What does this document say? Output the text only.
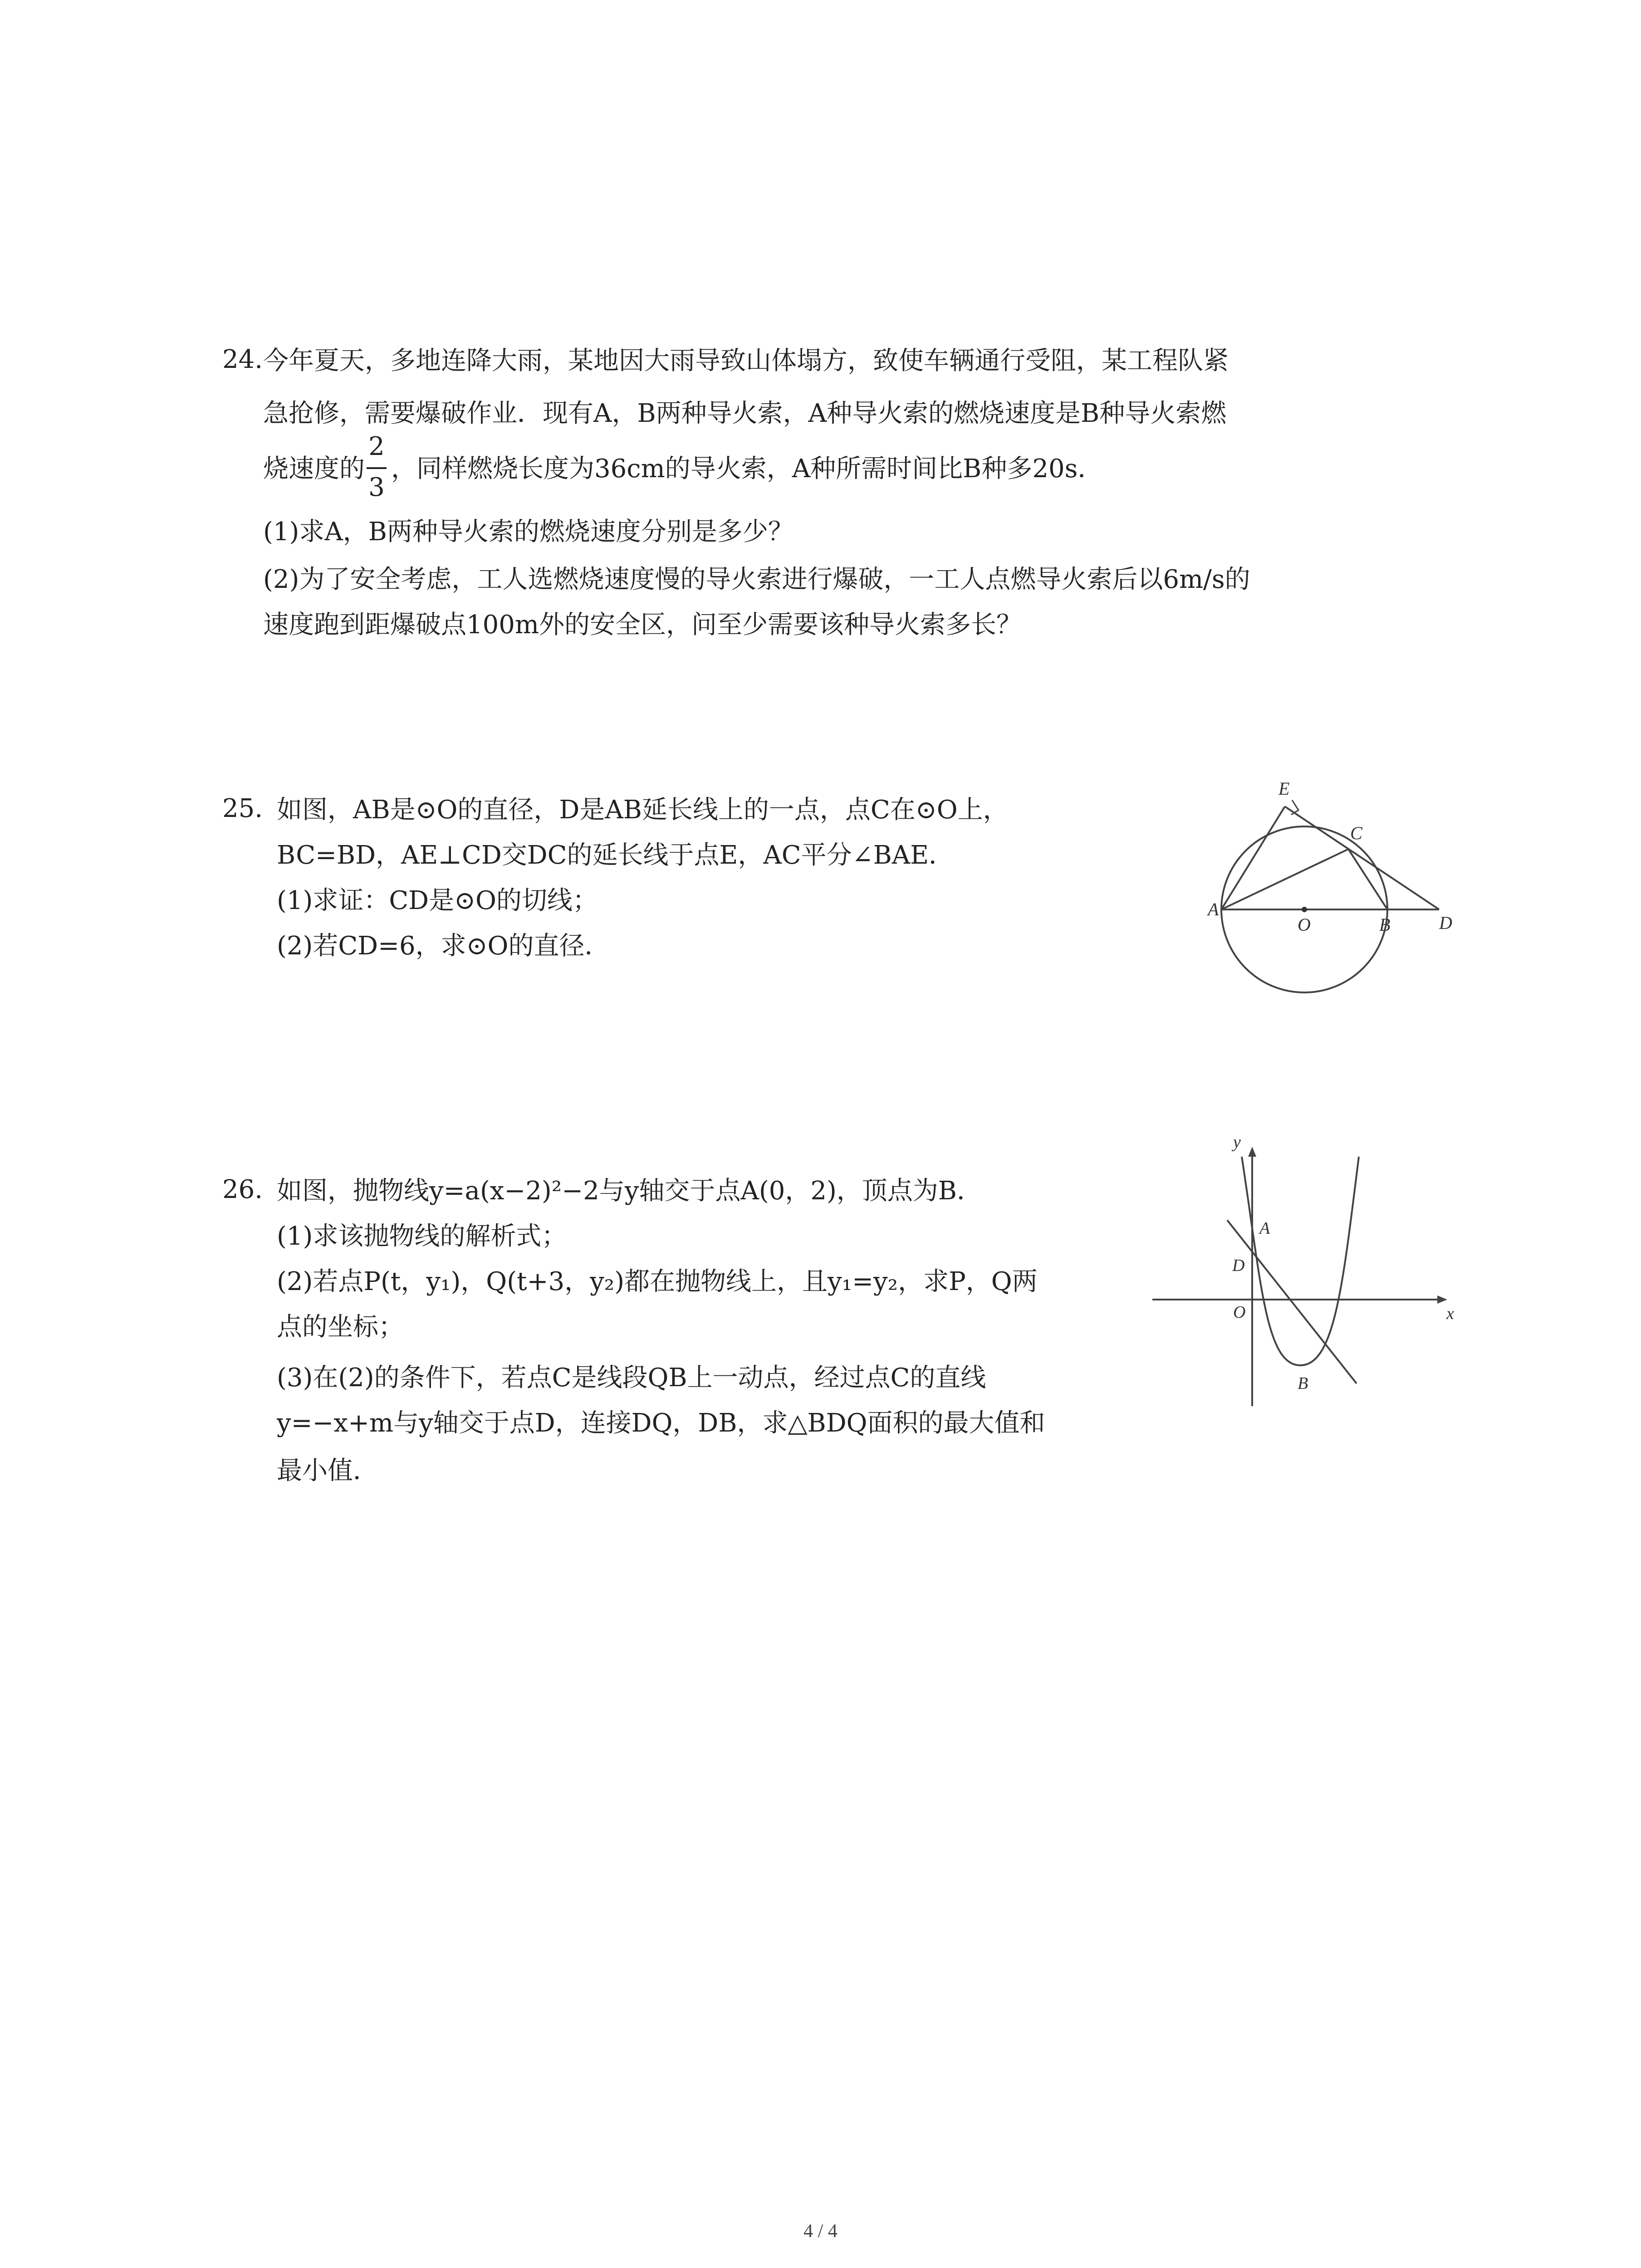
24. 今年夏天，多地连降大雨，某地因大雨导致山体塌方，致使车辆通行受阻，某工程队紧
急抢修，需要爆破作业．现有A，B两种导火索，A种导火索的燃烧速度是B种导火索燃
烧速度的
2
3
，同样燃烧长度为36cm的导火索，A种所需时间比B种多20s．
(1)求A，B两种导火索的燃烧速度分别是多少？
(2)为了安全考虑，工人选燃烧速度慢的导火索进行爆破，一工人点燃导火索后以6m/s的
速度跑到距爆破点100m外的安全区，问至少需要该种导火索多长？
25. 如图，AB是⊙O的直径，D是AB延长线上的一点，点C在⊙O上，
BC=BD，AE⊥CD交DC的延长线于点E，AC平分∠BAE．
(1)求证：CD是⊙O的切线；
(2)若CD=6，求⊙O的直径．
E
C
A
O	B	D
26. 如图，抛物线y=a(x−2)²−2与y轴交于点A(0，2)，顶点为B．
(1)求该抛物线的解析式；
(2)若点P(t，y₁)，Q(t+3，y₂)都在抛物线上，且y₁=y₂，求P，Q两
点的坐标；
(3)在(2)的条件下，若点C是线段QB上一动点，经过点C的直线
y=−x+m与y轴交于点D，连接DQ，DB，求△BDQ面积的最大值和
最小值．
y
x
A
D
O
B
4 / 4
